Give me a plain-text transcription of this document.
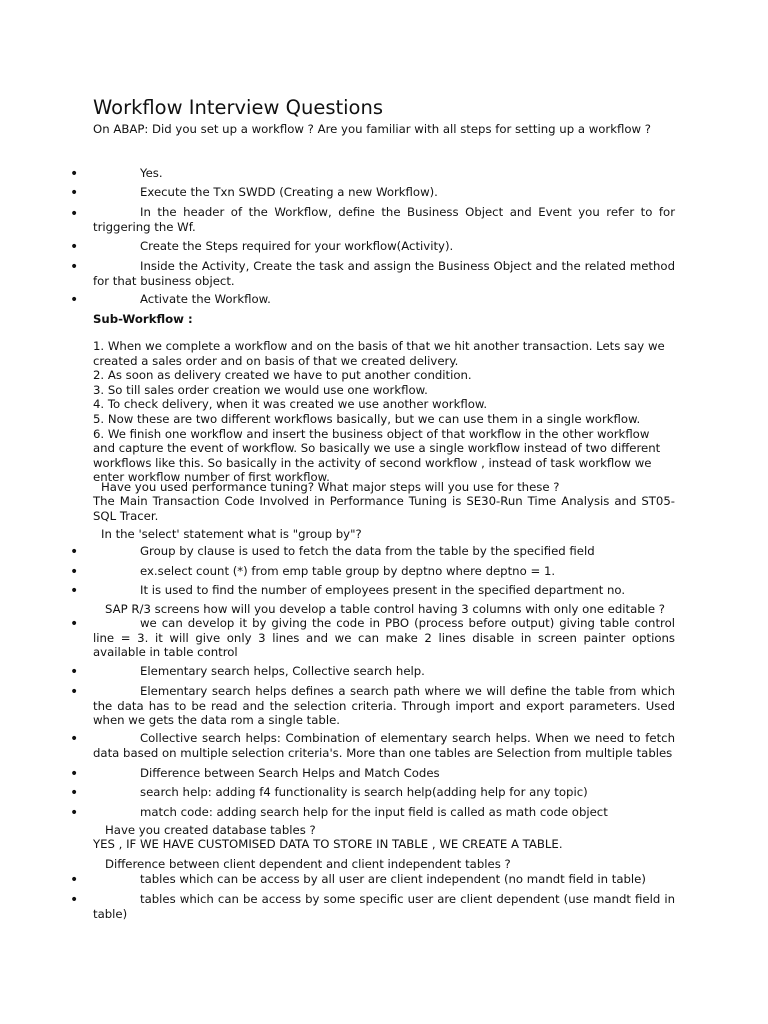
Workflow Interview Questions
On ABAP: Did you set up a workflow ? Are you familiar with all steps for setting up a workflow ?
•	Yes.
•	Execute the Txn SWDD (Creating a new Workflow).
•	In the header of the Workflow, define the Business Object and Event you refer to for triggering the Wf.
•	Create the Steps required for your workflow(Activity).
•	Inside the Activity, Create the task and assign the Business Object and the related method for that business object.
•	Activate the Workflow.
Sub-Workflow :
1. When we complete a workflow and on the basis of that we hit another transaction. Lets say we
created a sales order and on basis of that we created delivery.
2. As soon as delivery created we have to put another condition.
3. So till sales order creation we would use one workflow.
4. To check delivery, when it was created we use another workflow.
5. Now these are two different workflows basically, but we can use them in a single workflow.
6. We finish one workflow and insert the business object of that workflow in the other workflow
and capture the event of workflow. So basically we use a single workflow instead of two different
workflows like this. So basically in the activity of second workflow , instead of task workflow we
enter workflow number of first workflow.
Have you used performance tuning? What major steps will you use for these ?
The Main Transaction Code Involved in Performance Tuning is SE30-Run Time Analysis and ST05-SQL Tracer.
In the 'select' statement what is "group by"?
•	Group by clause is used to fetch the data from the table by the specified field
•	ex.select count (*) from emp table group by deptno where deptno = 1.
•	It is used to find the number of employees present in the specified department no.
SAP R/3 screens how will you develop a table control having 3 columns with only one editable ?
•	we can develop it by giving the code in PBO (process before output) giving table control line = 3. it will give only 3 lines and we can make 2 lines disable in screen painter options available in table control
•	Elementary search helps, Collective search help.
•	Elementary search helps defines a search path where we will define the table from which the data has to be read and the selection criteria. Through import and export parameters. Used when we gets the data rom a single table.
•	Collective search helps: Combination of elementary search helps. When we need to fetch data based on multiple selection criteria's. More than one tables are Selection from multiple tables
•	Difference between Search Helps and Match Codes
•	search help: adding f4 functionality is search help(adding help for any topic)
•	match code: adding search help for the input field is called as math code object
Have you created database tables ?
YES , IF WE HAVE CUSTOMISED DATA TO STORE IN TABLE , WE CREATE A TABLE.
Difference between client dependent and client independent tables ?
•	tables which can be access by all user are client independent (no mandt field in table)
•	tables which can be access by some specific user are client dependent (use mandt field in table)
